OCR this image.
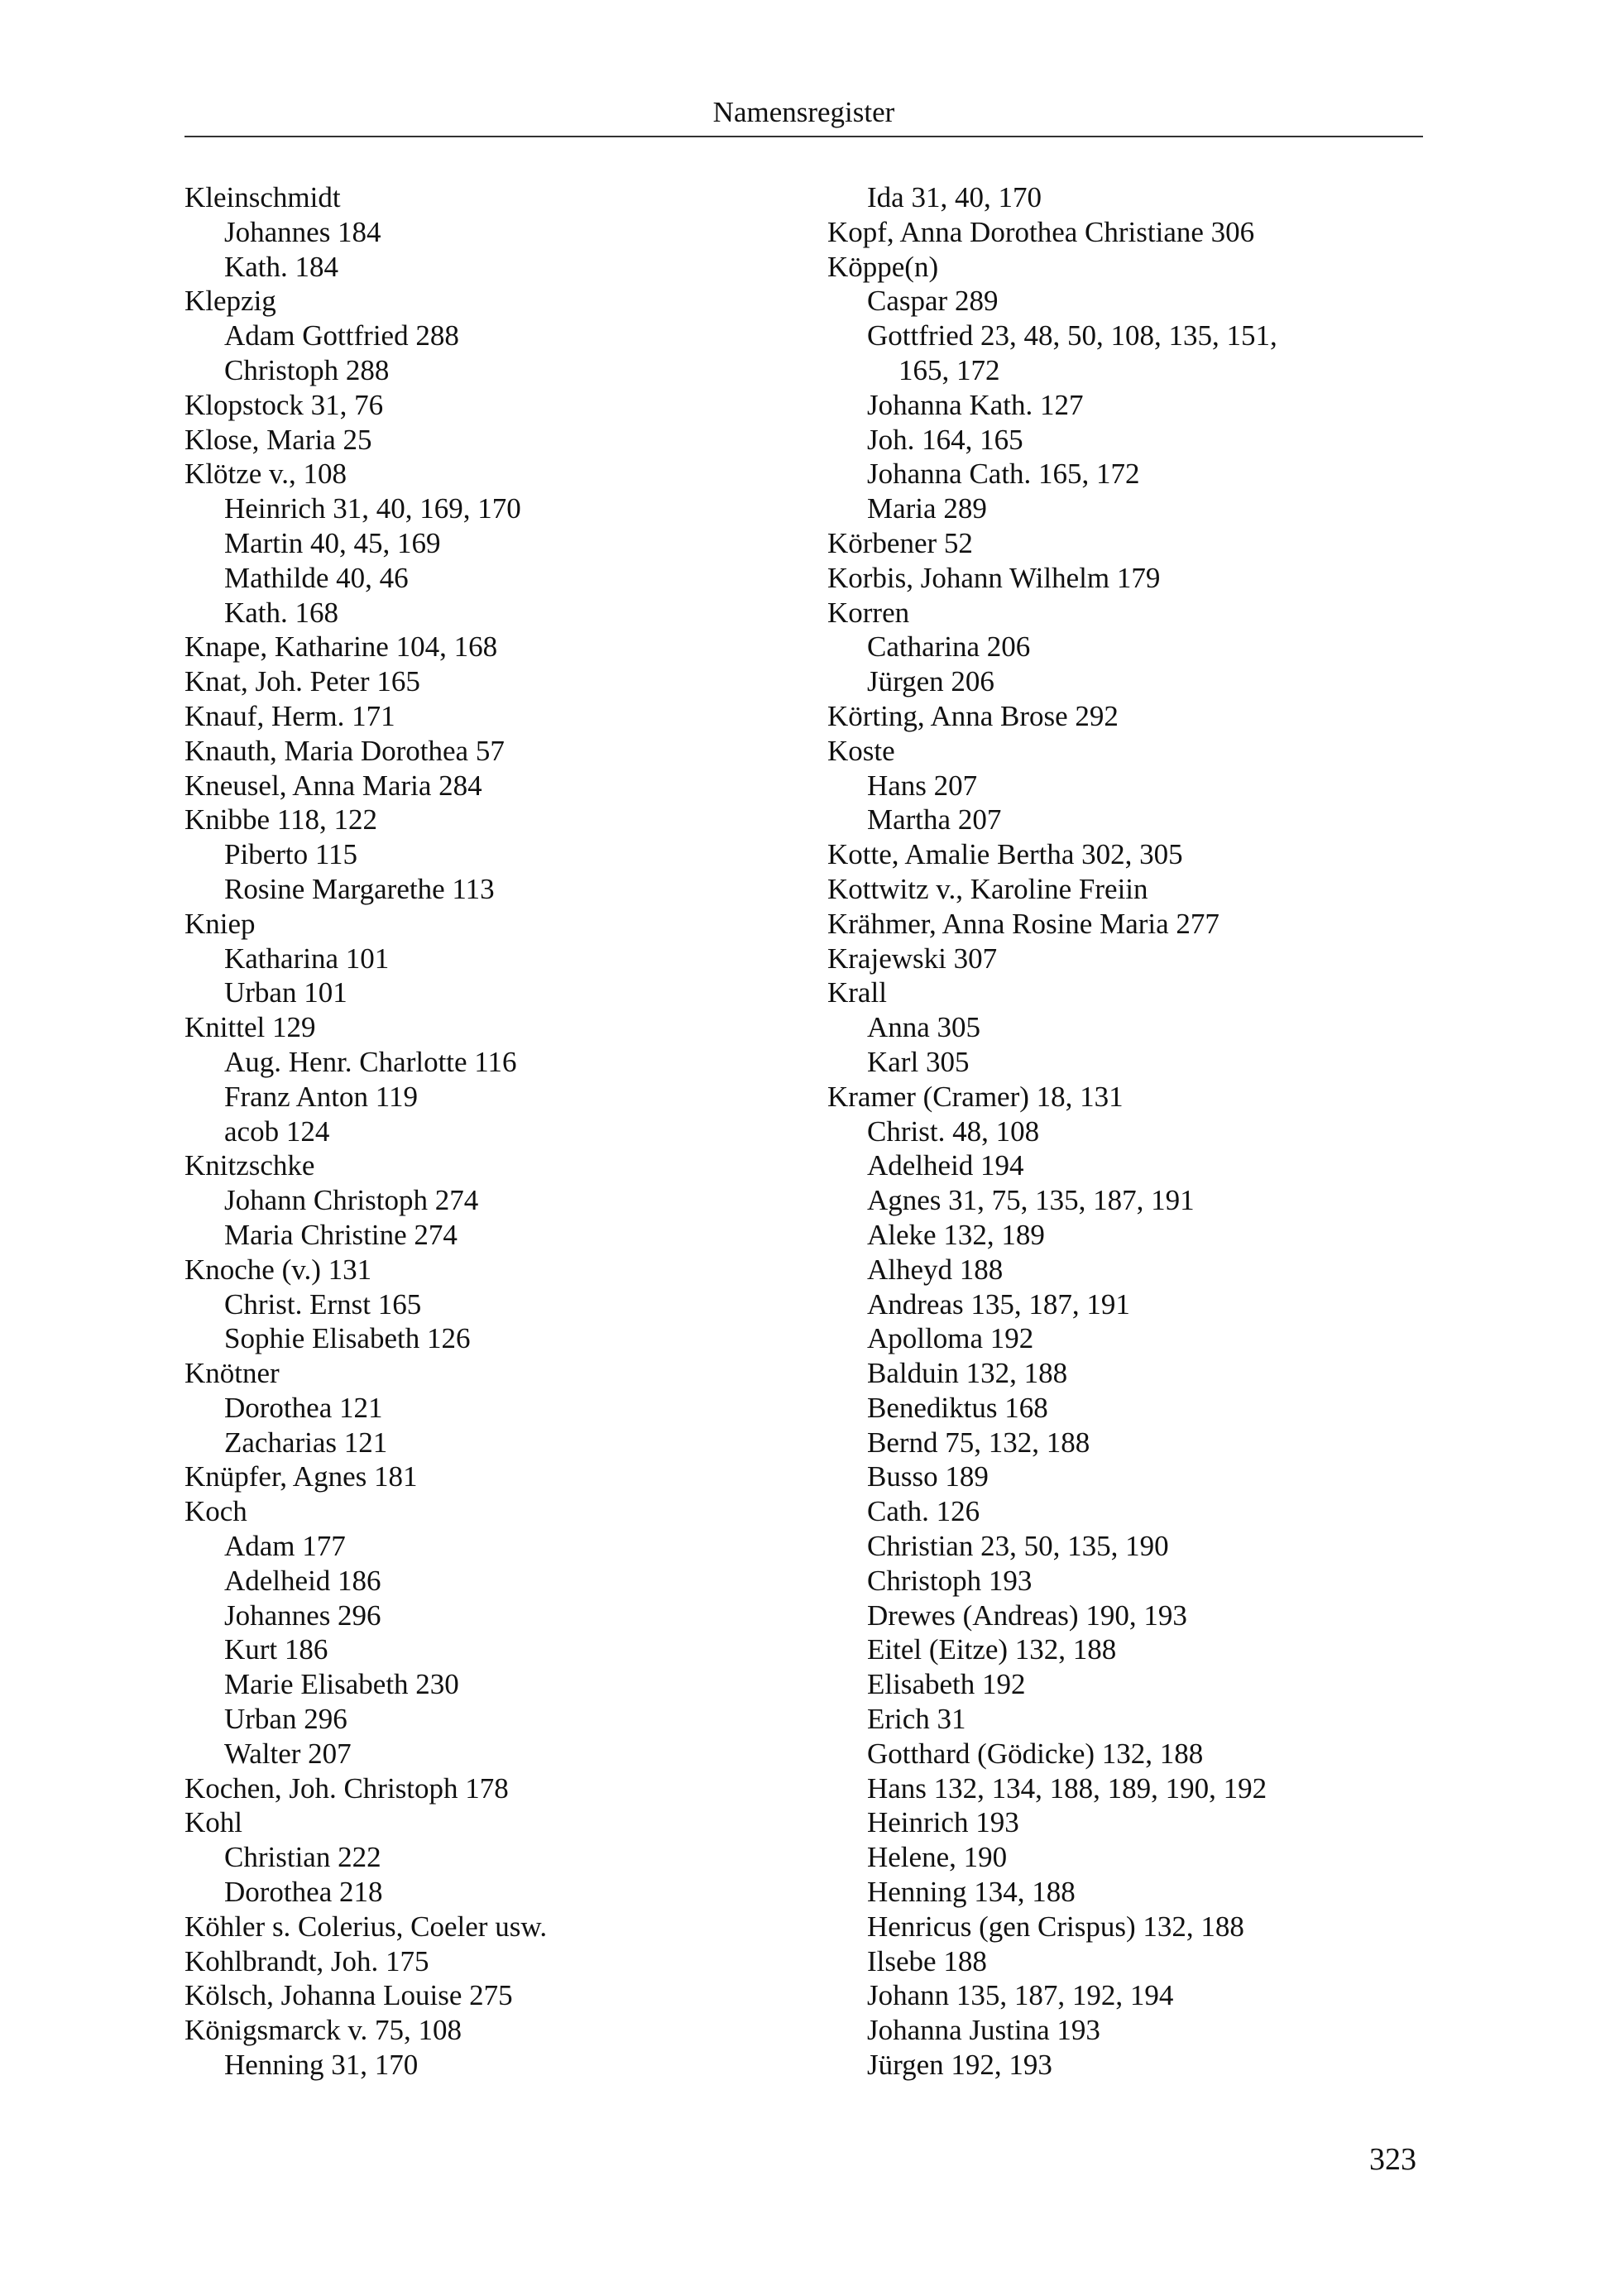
Namensregister
Kleinschmidt
Johannes 184
Kath. 184
Klepzig
Adam Gottfried 288
Christoph 288
Klopstock 31, 76
Klose, Maria 25
Klötze v., 108
Heinrich 31, 40, 169, 170
Martin 40, 45, 169
Mathilde 40, 46
Kath. 168
Knape, Katharine 104, 168
Knat, Joh. Peter 165
Knauf, Herm. 171
Knauth, Maria Dorothea 57
Kneusel, Anna Maria 284
Knibbe 118, 122
Piberto 115
Rosine Margarethe 113
Kniep
Katharina 101
Urban 101
Knittel 129
Aug. Henr. Charlotte 116
Franz Anton 119
acob 124
Knitzschke
Johann Christoph 274
Maria Christine 274
Knoche (v.) 131
Christ. Ernst 165
Sophie Elisabeth 126
Knötner
Dorothea 121
Zacharias 121
Knüpfer, Agnes 181
Koch
Adam 177
Adelheid 186
Johannes 296
Kurt 186
Marie Elisabeth 230
Urban 296
Walter 207
Kochen, Joh. Christoph 178
Kohl
Christian 222
Dorothea 218
Köhler s. Colerius, Coeler usw.
Kohlbrandt, Joh. 175
Kölsch, Johanna Louise 275
Königsmarck v. 75, 108
Henning 31, 170
Ida 31, 40, 170
Kopf, Anna Dorothea Christiane 306
Köppe(n)
Caspar 289
Gottfried 23, 48, 50, 108, 135, 151,
165, 172
Johanna Kath. 127
Joh. 164, 165
Johanna Cath. 165, 172
Maria 289
Körbener 52
Korbis, Johann Wilhelm 179
Korren
Catharina 206
Jürgen 206
Körting, Anna Brose 292
Koste
Hans 207
Martha 207
Kotte, Amalie Bertha 302, 305
Kottwitz v., Karoline Freiin
Krähmer, Anna Rosine Maria 277
Krajewski 307
Krall
Anna 305
Karl 305
Kramer (Cramer) 18, 131
Christ. 48, 108
Adelheid 194
Agnes 31, 75, 135, 187, 191
Aleke 132, 189
Alheyd 188
Andreas 135, 187, 191
Apolloma 192
Balduin 132, 188
Benediktus 168
Bernd 75, 132, 188
Busso 189
Cath. 126
Christian 23, 50, 135, 190
Christoph 193
Drewes (Andreas) 190, 193
Eitel (Eitze) 132, 188
Elisabeth 192
Erich 31
Gotthard (Gödicke) 132, 188
Hans 132, 134, 188, 189, 190, 192
Heinrich 193
Helene, 190
Henning 134, 188
Henricus (gen Crispus) 132, 188
Ilsebe 188
Johann 135, 187, 192, 194
Johanna Justina 193
Jürgen 192, 193
323
